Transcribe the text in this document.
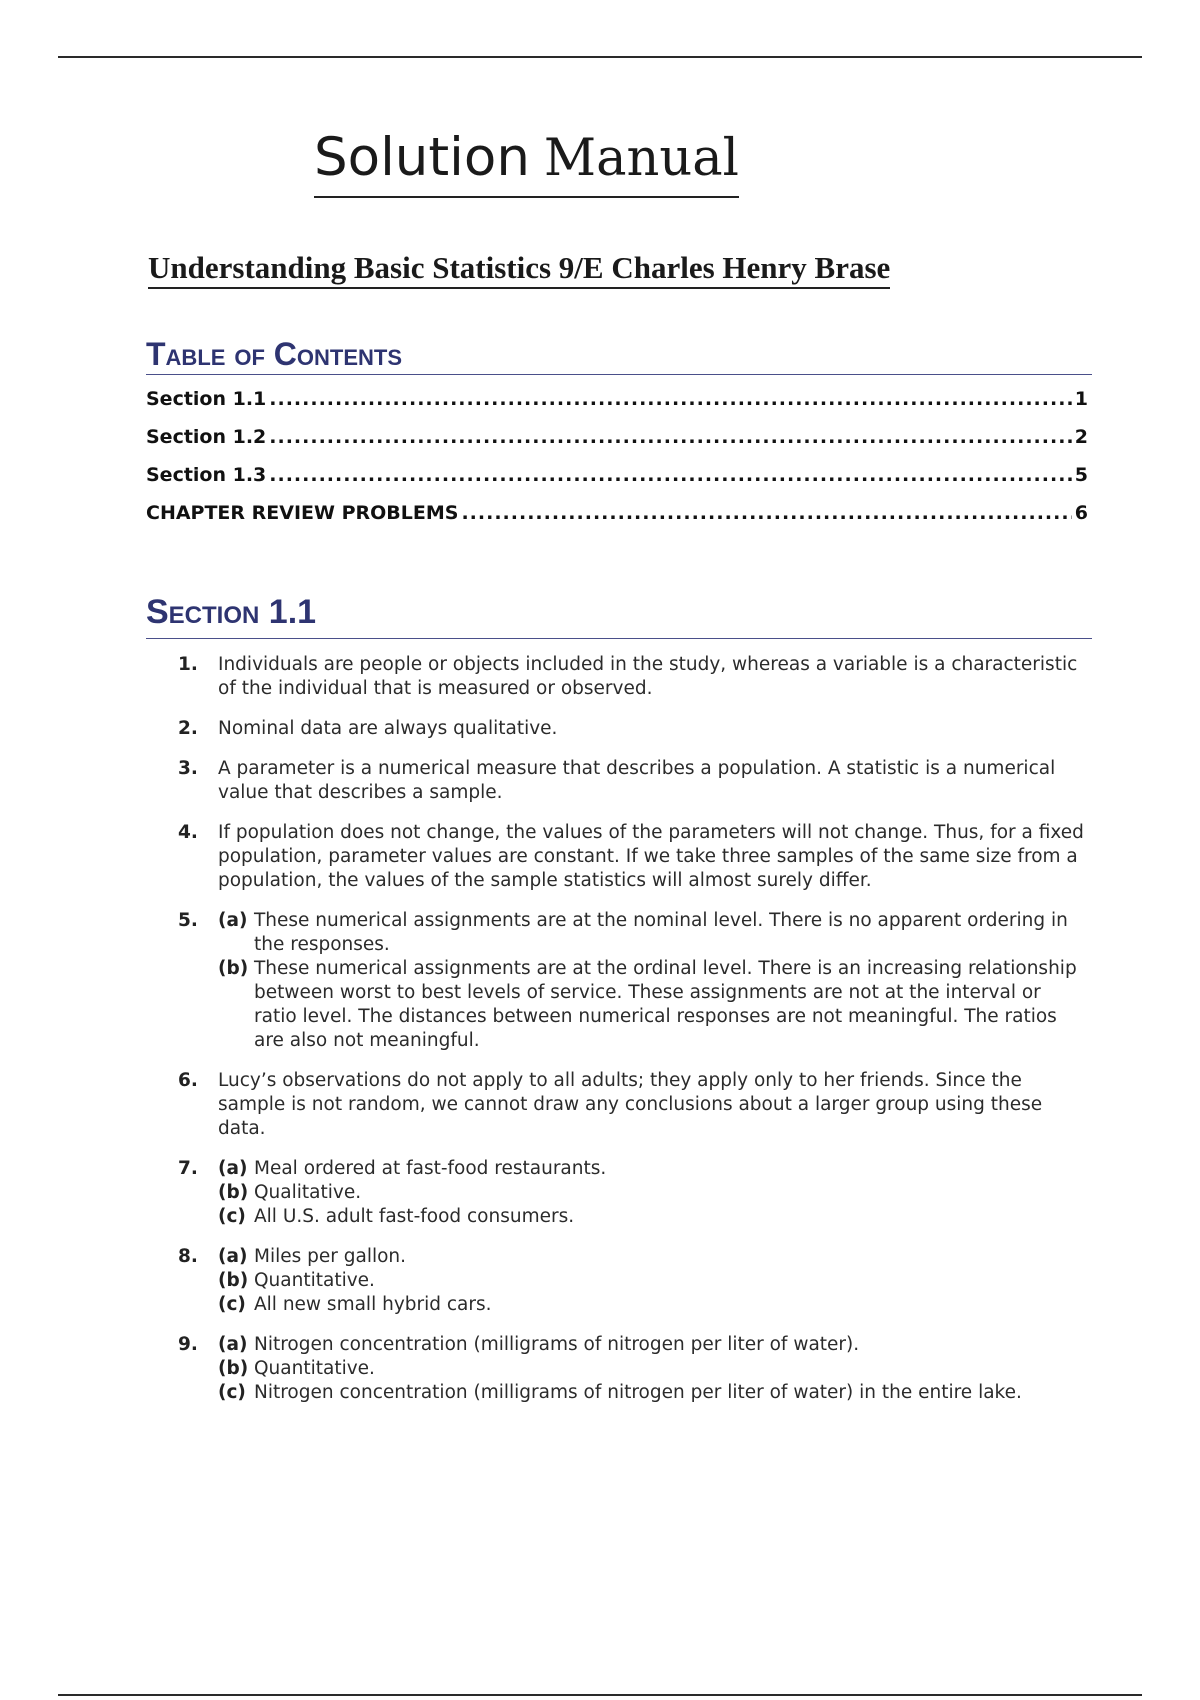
Solution Manual
Understanding Basic Statistics 9/E Charles Henry Brase
Table of Contents
Section 1.1 .....	1
Section 1.2 .....	2
Section 1.3 .....	5
CHAPTER REVIEW PROBLEMS .....	6
Section 1.1
1.	Individuals are people or objects included in the study, whereas a variable is a characteristic of the individual that is measured or observed.
2.	Nominal data are always qualitative.
3.	A parameter is a numerical measure that describes a population. A statistic is a numerical value that describes a sample.
4.	If population does not change, the values of the parameters will not change. Thus, for a fixed population, parameter values are constant. If we take three samples of the same size from a population, the values of the sample statistics will almost surely differ.
5.	(a) These numerical assignments are at the nominal level. There is no apparent ordering in the responses.
(b) These numerical assignments are at the ordinal level. There is an increasing relationship between worst to best levels of service. These assignments are not at the interval or ratio level. The distances between numerical responses are not meaningful. The ratios are also not meaningful.
6.	Lucy’s observations do not apply to all adults; they apply only to her friends. Since the sample is not random, we cannot draw any conclusions about a larger group using these data.
7.	(a) Meal ordered at fast-food restaurants.
(b) Qualitative.
(c) All U.S. adult fast-food consumers.
8.	(a) Miles per gallon.
(b) Quantitative.
(c) All new small hybrid cars.
9.	(a) Nitrogen concentration (milligrams of nitrogen per liter of water).
(b) Quantitative.
(c) Nitrogen concentration (milligrams of nitrogen per liter of water) in the entire lake.
